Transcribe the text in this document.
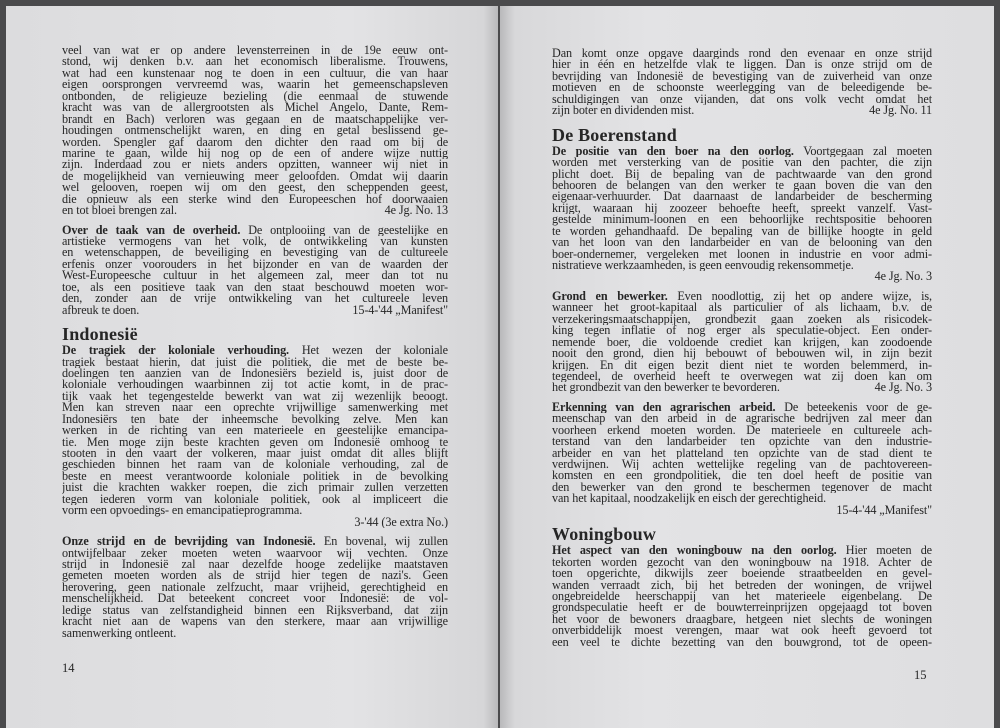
veel van wat er op andere levensterreinen in de 19e eeuw ont-
stond, wij denken b.v. aan het economisch liberalisme. Trouwens,
wat had een kunstenaar nog te doen in een cultuur, die van haar
eigen oorsprongen vervreemd was, waarin het gemeenschapsleven
ontbonden, de religieuze bezieling (die eenmaal de stuwende
kracht was van de allergrootsten als Michel Angelo, Dante, Rem-
brandt en Bach) verloren was gegaan en de maatschappelijke ver-
houdingen ontmenschelijkt waren, en ding en getal beslissend ge-
worden. Spengler gaf daarom den dichter den raad om bij de
marine te gaan, wilde hij nog op de een of andere wijze nuttig
zijn. Inderdaad zou er niets anders opzitten, wanneer wij niet in
de mogelijkheid van vernieuwing meer geloofden. Omdat wij daarin
wel gelooven, roepen wij om den geest, den scheppenden geest,
die opnieuw als een sterke wind den Europeeschen hof doorwaaien
4e Jg. No. 13
en tot bloei brengen zal.
Over de taak van de overheid. De ontplooiing van de geestelijke en
artistieke vermogens van het volk, de ontwikkeling van kunsten
en wetenschappen, de beveiliging en bevestiging van de cultureele
erfenis onzer voorouders in het bijzonder en van de waarden der
West-Europeesche cultuur in het algemeen zal, meer dan tot nu
toe, als een positieve taak van den staat beschouwd moeten wor-
den, zonder aan de vrije ontwikkeling van het cultureele leven
15-4-'44 „Manifest"
afbreuk te doen.
Indonesië
De tragiek der koloniale verhouding. Het wezen der koloniale
tragiek bestaat hierin, dat juist die politiek, die met de beste be-
doelingen ten aanzien van de Indonesiërs bezield is, juist door de
koloniale verhoudingen waarbinnen zij tot actie komt, in de prac-
tijk vaak het tegengestelde bewerkt van wat zij wezenlijk beoogt.
Men kan streven naar een oprechte vrijwillige samenwerking met
Indonesiërs ten bate der inheemsche bevolking zelve. Men kan
werken in de richting van een materieele en geestelijke emancipa-
tie. Men moge zijn beste krachten geven om Indonesië omhoog te
stooten in den vaart der volkeren, maar juist omdat dit alles blijft
geschieden binnen het raam van de koloniale verhouding, zal de
beste en meest verantwoorde koloniale politiek in de bevolking
juist die krachten wakker roepen, die zich primair zullen verzetten
tegen iederen vorm van koloniale politiek, ook al impliceert die
vorm een opvoedings- en emancipatieprogramma.
3-'44 (3e extra No.)
Onze strijd en de bevrijding van Indonesië. En bovenal, wij zullen
ontwijfelbaar zeker moeten weten waarvoor wij vechten. Onze
strijd in Indonesië zal naar dezelfde hooge zedelijke maatstaven
gemeten moeten worden als de strijd hier tegen de nazi's. Geen
herovering, geen nationale zelfzucht, maar vrijheid, gerechtigheid en
menschelijkheid. Dat beteekent concreet voor Indonesië: de vol-
ledige status van zelfstandigheid binnen een Rijksverband, dat zijn
kracht niet aan de wapens van den sterkere, maar aan vrijwillige
samenwerking ontleent.
14
Dan komt onze opgave daarginds rond den evenaar en onze strijd
hier in één en hetzelfde vlak te liggen. Dan is onze strijd om de
bevrijding van Indonesië de bevestiging van de zuiverheid van onze
motieven en de schoonste weerlegging van de beleedigende be-
schuldigingen van onze vijanden, dat ons volk vecht omdat het
4e Jg. No. 11
zijn boter en dividenden mist.
De Boerenstand
De positie van den boer na den oorlog. Voortgegaan zal moeten
worden met versterking van de positie van den pachter, die zijn
plicht doet. Bij de bepaling van de pachtwaarde van den grond
behooren de belangen van den werker te gaan boven die van den
eigenaar-verhuurder. Dat daarnaast de landarbeider de bescherming
krijgt, waaraan hij zoozeer behoefte heeft, spreekt vanzelf. Vast-
gestelde minimum-loonen en een behoorlijke rechtspositie behooren
te worden gehandhaafd. De bepaling van de billijke hoogte in geld
van het loon van den landarbeider en van de belooning van den
boer-ondernemer, vergeleken met loonen in industrie en voor admi-
nistratieve werkzaamheden, is geen eenvoudig rekensommetje.
4e Jg. No. 3
Grond en bewerker. Even noodlottig, zij het op andere wijze, is,
wanneer het groot-kapitaal als particulier of als lichaam, b.v. de
verzekeringsmaatschappijen, grondbezit gaan zoeken als risicodek-
king tegen inflatie of nog erger als speculatie-object. Een onder-
nemende boer, die voldoende crediet kan krijgen, kan zoodoende
nooit den grond, dien hij bebouwt of bebouwen wil, in zijn bezit
krijgen. En dit eigen bezit dient niet te worden belemmerd, in-
tegendeel, de overheid heeft te overwegen wat zij doen kan om
4e Jg. No. 3
het grondbezit van den bewerker te bevorderen.
Erkenning van den agrarischen arbeid. De beteekenis voor de ge-
meenschap van den arbeid in de agrarische bedrijven zal meer dan
voorheen erkend moeten worden. De materieele en cultureele ach-
terstand van den landarbeider ten opzichte van den industrie-
arbeider en van het platteland ten opzichte van de stad dient te
verdwijnen. Wij achten wettelijke regeling van de pachtovereen-
komsten en een grondpolitiek, die ten doel heeft de positie van
den bewerker van den grond te beschermen tegenover de macht
van het kapitaal, noodzakelijk en eisch der gerechtigheid.
15-4-'44 „Manifest"
Woningbouw
Het aspect van den woningbouw na den oorlog. Hier moeten de
tekorten worden gezocht van den woningbouw na 1918. Achter de
toen opgerichte, dikwijls zeer boeiende straatbeelden en gevel-
wanden verraadt zich, bij het betreden der woningen, de vrijwel
ongebreidelde heerschappij van het materieele eigenbelang. De
grondspeculatie heeft er de bouwterreinprijzen opgejaagd tot boven
het voor de bewoners draagbare, hetgeen niet slechts de woningen
onverbiddelijk moest verengen, maar wat ook heeft gevoerd tot
een veel te dichte bezetting van den bouwgrond, tot de opeen-
15
